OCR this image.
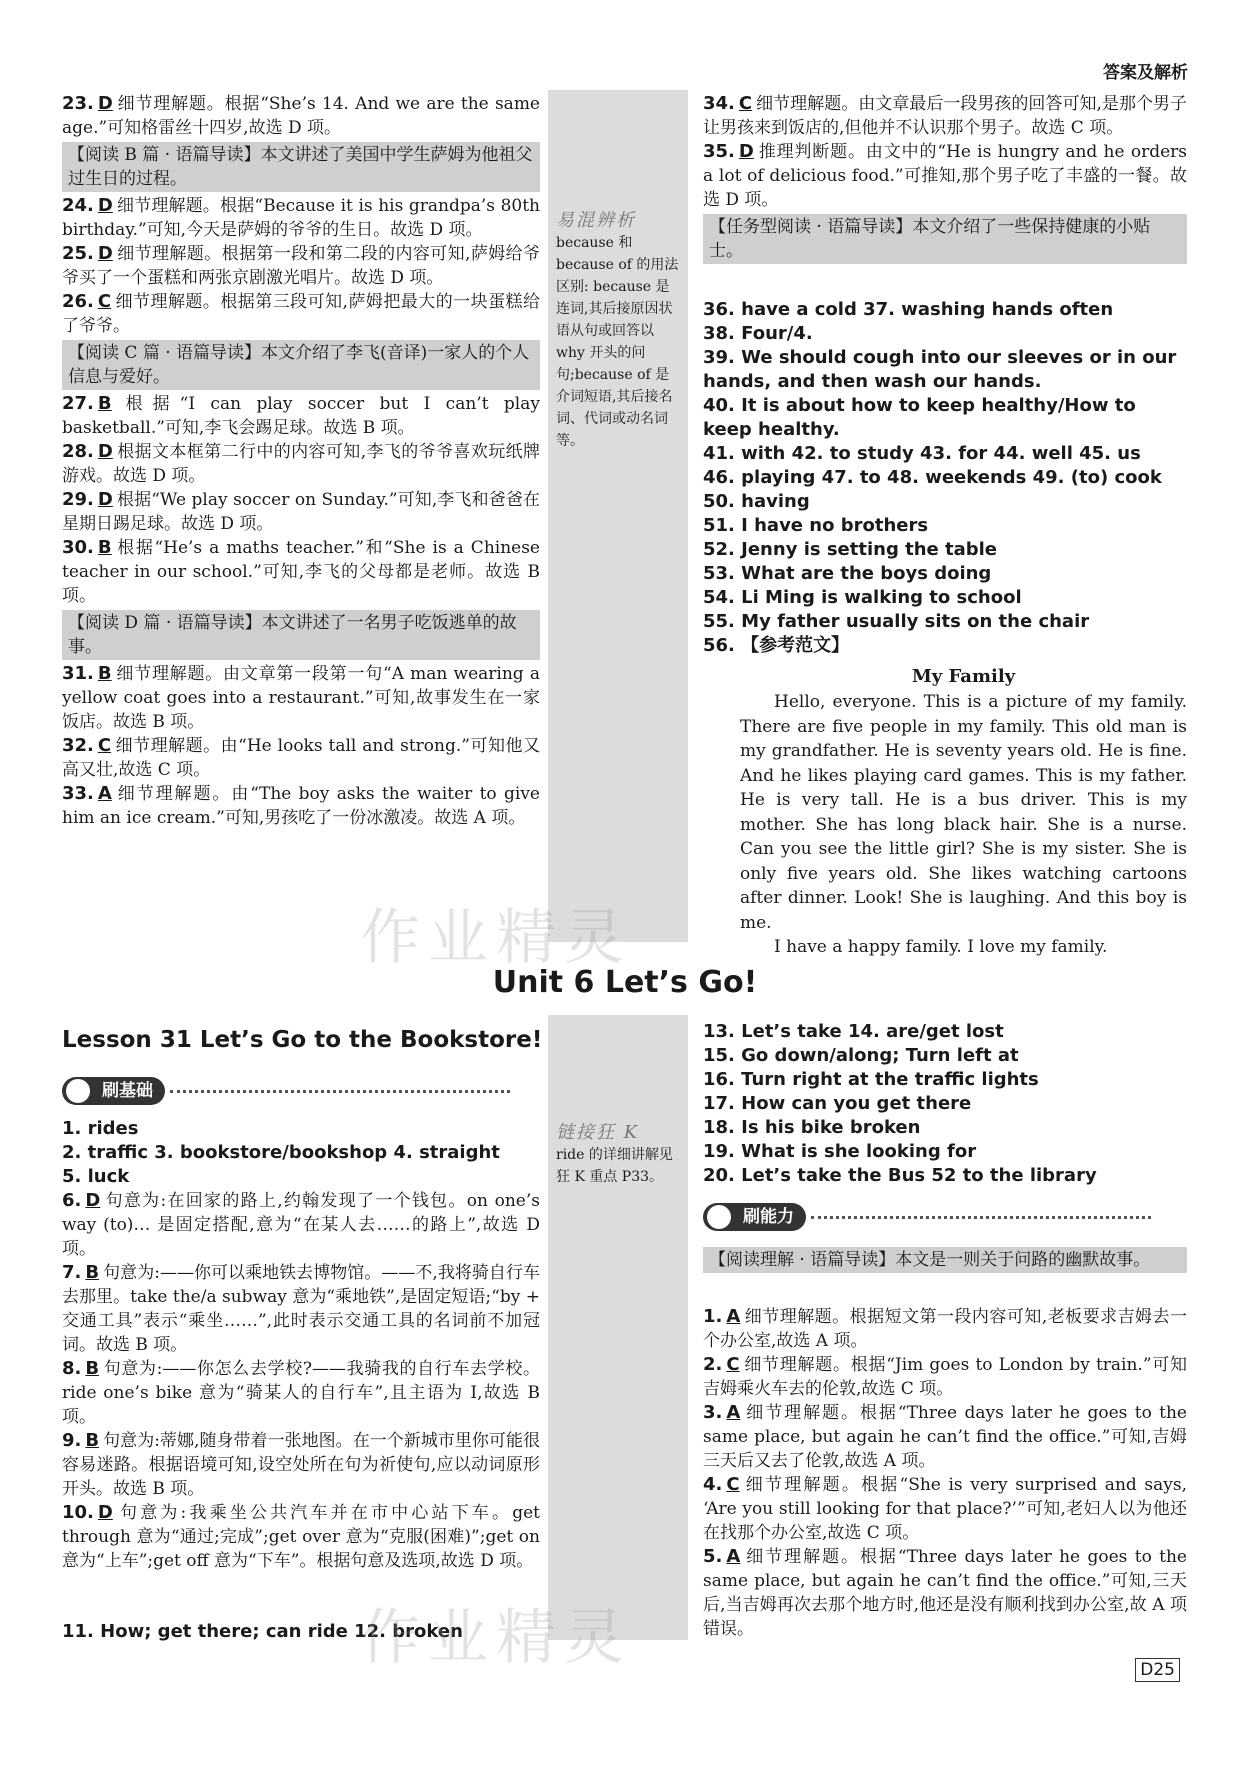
答案及解析

23. D 细节理解题。根据“She’s 14. And we are the same age.”可知格雷丝十四岁,故选 D 项。

【阅读 B 篇 · 语篇导读】本文讲述了美国中学生萨姆为他祖父过生日的过程。

24. D 细节理解题。根据“Because it is his grandpa’s 80th birthday.”可知,今天是萨姆的爷爷的生日。故选 D 项。

25. D 细节理解题。根据第一段和第二段的内容可知,萨姆给爷爷买了一个蛋糕和两张京剧激光唱片。故选 D 项。

26. C 细节理解题。根据第三段可知,萨姆把最大的一块蛋糕给了爷爷。

【阅读 C 篇 · 语篇导读】本文介绍了李飞(音译)一家人的个人信息与爱好。

27. B 根据“I can play soccer but I can’t play basketball.”可知,李飞会踢足球。故选 B 项。

28. D 根据文本框第二行中的内容可知,李飞的爷爷喜欢玩纸牌游戏。故选 D 项。

29. D 根据“We play soccer on Sunday.”可知,李飞和爸爸在星期日踢足球。故选 D 项。

30. B 根据“He’s a maths teacher.”和“She is a Chinese teacher in our school.”可知,李飞的父母都是老师。故选 B 项。

【阅读 D 篇 · 语篇导读】本文讲述了一名男子吃饭逃单的故事。

31. B 细节理解题。由文章第一段第一句“A man wearing a yellow coat goes into a restaurant.”可知,故事发生在一家饭店。故选 B 项。

32. C 细节理解题。由“He looks tall and strong.”可知他又高又壮,故选 C 项。

33. A 细节理解题。由“The boy asks the waiter to give him an ice cream.”可知,男孩吃了一份冰激凌。故选 A 项。

易混辨析
because 和 because of 的用法区别: because 是连词,其后接原因状语从句或回答以 why 开头的问句;because of 是介词短语,其后接名词、代词或动名词等。

34. C 细节理解题。由文章最后一段男孩的回答可知,是那个男子让男孩来到饭店的,但他并不认识那个男子。故选 C 项。

35. D 推理判断题。由文中的“He is hungry and he orders a lot of delicious food.”可推知,那个男子吃了丰盛的一餐。故选 D 项。

【任务型阅读 · 语篇导读】本文介绍了一些保持健康的小贴士。
36. have a cold 37. washing hands often
38. Four/4.
39. We should cough into our sleeves or in our hands, and then wash our hands.
40. It is about how to keep healthy/How to keep healthy.
41. with 42. to study 43. for 44. well 45. us
46. playing 47. to 48. weekends 49. (to) cook
50. having
51. I have no brothers
52. Jenny is setting the table
53. What are the boys doing
54. Li Ming is walking to school
55. My father usually sits on the chair
56. 【参考范文】
My Family

Hello, everyone. This is a picture of my family. There are five people in my family. This old man is my grandfather. He is seventy years old. He is fine. And he likes playing card games. This is my father. He is very tall. He is a bus driver. This is my mother. She has long black hair. She is a nurse. Can you see the little girl? She is my sister. She is only five years old. She likes watching cartoons after dinner. Look! She is laughing. And this boy is me.

I have a happy family. I love my family.

Unit 6 Let’s Go!
Lesson 31 Let’s Go to the Bookstore!
刷基础
1. rides
2. traffic 3. bookstore/bookshop 4. straight
5. luck

6. D 句意为:在回家的路上,约翰发现了一个钱包。on one’s way (to)… 是固定搭配,意为“在某人去……的路上”,故选 D 项。

7. B 句意为:——你可以乘地铁去博物馆。——不,我将骑自行车去那里。take the/a subway 意为“乘地铁”,是固定短语;“by + 交通工具”表示“乘坐……”,此时表示交通工具的名词前不加冠词。故选 B 项。

8. B 句意为:——你怎么去学校?——我骑我的自行车去学校。ride one’s bike 意为“骑某人的自行车”,且主语为 I,故选 B 项。

9. B 句意为:蒂娜,随身带着一张地图。在一个新城市里你可能很容易迷路。根据语境可知,设空处所在句为祈使句,应以动词原形开头。故选 B 项。

10. D 句意为:我乘坐公共汽车并在市中心站下车。get through 意为“通过;完成”;get over 意为“克服(困难)”;get on 意为“上车”;get off 意为“下车”。根据句意及选项,故选 D 项。

11. How; get there; can ride 12. broken
链接狂 K
ride 的详细讲解见狂 K 重点 P33。
13. Let’s take 14. are/get lost
15. Go down/along; Turn left at
16. Turn right at the traffic lights
17. How can you get there
18. Is his bike broken
19. What is she looking for
20. Let’s take the Bus 52 to the library
刷能力
【阅读理解 · 语篇导读】本文是一则关于问路的幽默故事。

1. A 细节理解题。根据短文第一段内容可知,老板要求吉姆去一个办公室,故选 A 项。

2. C 细节理解题。根据“Jim goes to London by train.”可知吉姆乘火车去的伦敦,故选 C 项。

3. A 细节理解题。根据“Three days later he goes to the same place, but again he can’t find the office.”可知,吉姆三天后又去了伦敦,故选 A 项。

4. C 细节理解题。根据“She is very surprised and says, ‘Are you still looking for that place?’”可知,老妇人以为他还在找那个办公室,故选 C 项。

5. A 细节理解题。根据“Three days later he goes to the same place, but again he can’t find the office.”可知,三天后,当吉姆再次去那个地方时,他还是没有顺利找到办公室,故 A 项错误。

D25
作业精灵
作业精灵
